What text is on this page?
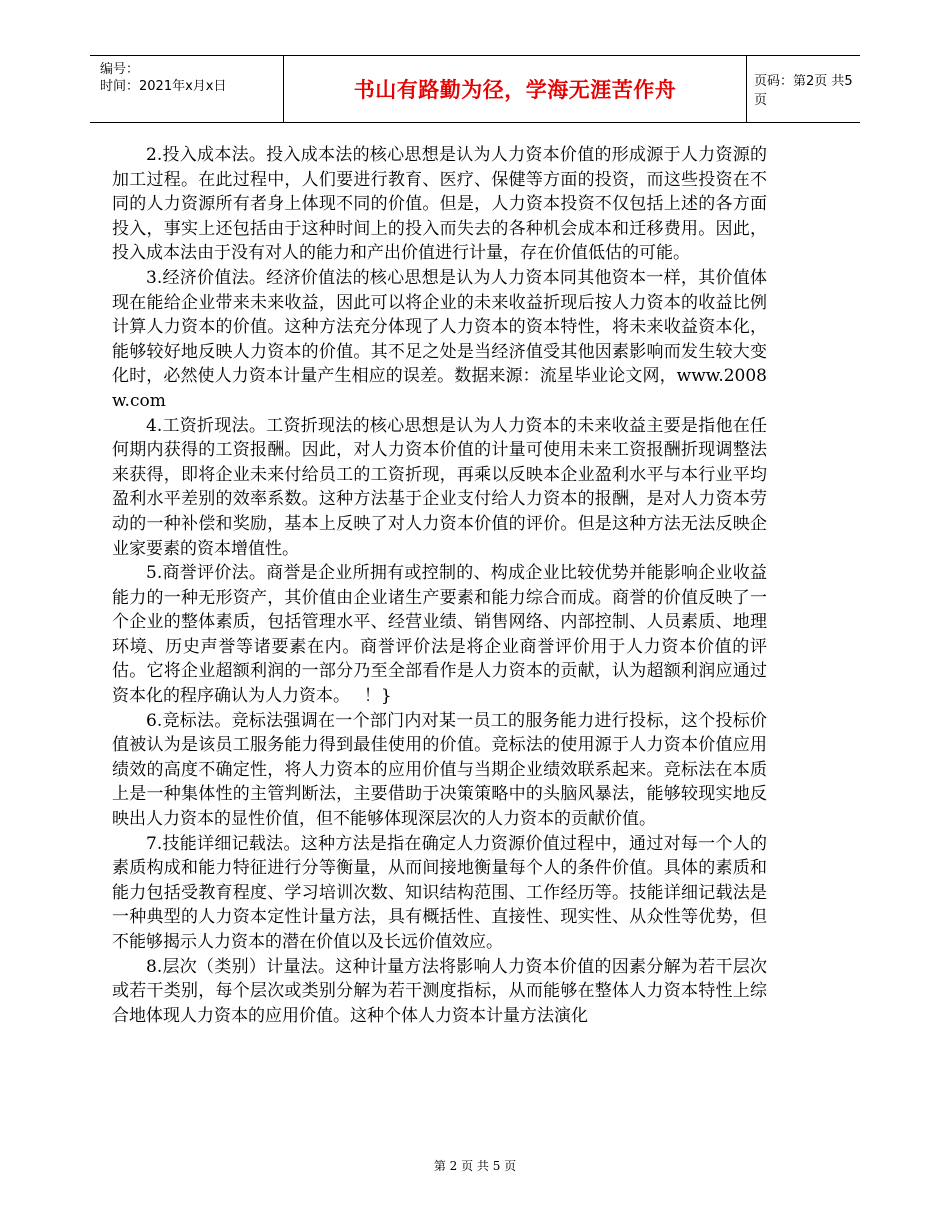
编号：
时间：2021年x月x日	书山有路勤为径，学海无涯苦作舟	页码：第2页 共5页

2.投入成本法。投入成本法的核心思想是认为人力资本价值的形成源于人力资源的加工过程。在此过程中，人们要进行教育、医疗、保健等方面的投资，而这些投资在不同的人力资源所有者身上体现不同的价值。但是，人力资本投资不仅包括上述的各方面投入，事实上还包括由于这种时间上的投入而失去的各种机会成本和迁移费用。因此，投入成本法由于没有对人的能力和产出价值进行计量，存在价值低估的可能。

3.经济价值法。经济价值法的核心思想是认为人力资本同其他资本一样，其价值体现在能给企业带来未来收益，因此可以将企业的未来收益折现后按人力资本的收益比例计算人力资本的价值。这种方法充分体现了人力资本的资本特性，将未来收益资本化，能够较好地反映人力资本的价值。其不足之处是当经济值受其他因素影响而发生较大变化时，必然使人力资本计量产生相应的误差。数据来源：流星毕业论文网，www.2008w.com

4.工资折现法。工资折现法的核心思想是认为人力资本的未来收益主要是指他在任何期内获得的工资报酬。因此，对人力资本价值的计量可使用未来工资报酬折现调整法来获得，即将企业未来付给员工的工资折现，再乘以反映本企业盈利水平与本行业平均盈利水平差别的效率系数。这种方法基于企业支付给人力资本的报酬，是对人力资本劳动的一种补偿和奖励，基本上反映了对人力资本价值的评价。但是这种方法无法反映企业家要素的资本增值性。

5.商誉评价法。商誉是企业所拥有或控制的、构成企业比较优势并能影响企业收益能力的一种无形资产，其价值由企业诸生产要素和能力综合而成。商誉的价值反映了一个企业的整体素质，包括管理水平、经营业绩、销售网络、内部控制、人员素质、地理环境、历史声誉等诸要素在内。商誉评价法是将企业商誉评价用于人力资本价值的评估。它将企业超额利润的一部分乃至全部看作是人力资本的贡献，认为超额利润应通过资本化的程序确认为人力资本。　 ！}

6.竞标法。竞标法强调在一个部门内对某一员工的服务能力进行投标，这个投标价值被认为是该员工服务能力得到最佳使用的价值。竞标法的使用源于人力资本价值应用绩效的高度不确定性，将人力资本的应用价值与当期企业绩效联系起来。竞标法在本质上是一种集体性的主管判断法，主要借助于决策策略中的头脑风暴法，能够较现实地反映出人力资本的显性价值，但不能够体现深层次的人力资本的贡献价值。

7.技能详细记载法。这种方法是指在确定人力资源价值过程中，通过对每一个人的素质构成和能力特征进行分等衡量，从而间接地衡量每个人的条件价值。具体的素质和能力包括受教育程度、学习培训次数、知识结构范围、工作经历等。技能详细记载法是一种典型的人力资本定性计量方法，具有概括性、直接性、现实性、从众性等优势，但不能够揭示人力资本的潜在价值以及长远价值效应。

8.层次（类别）计量法。这种计量方法将影响人力资本价值的因素分解为若干层次或若干类别，每个层次或类别分解为若干测度指标，从而能够在整体人力资本特性上综合地体现人力资本的应用价值。这种个体人力资本计量方法演化

第 2 页 共 5 页
